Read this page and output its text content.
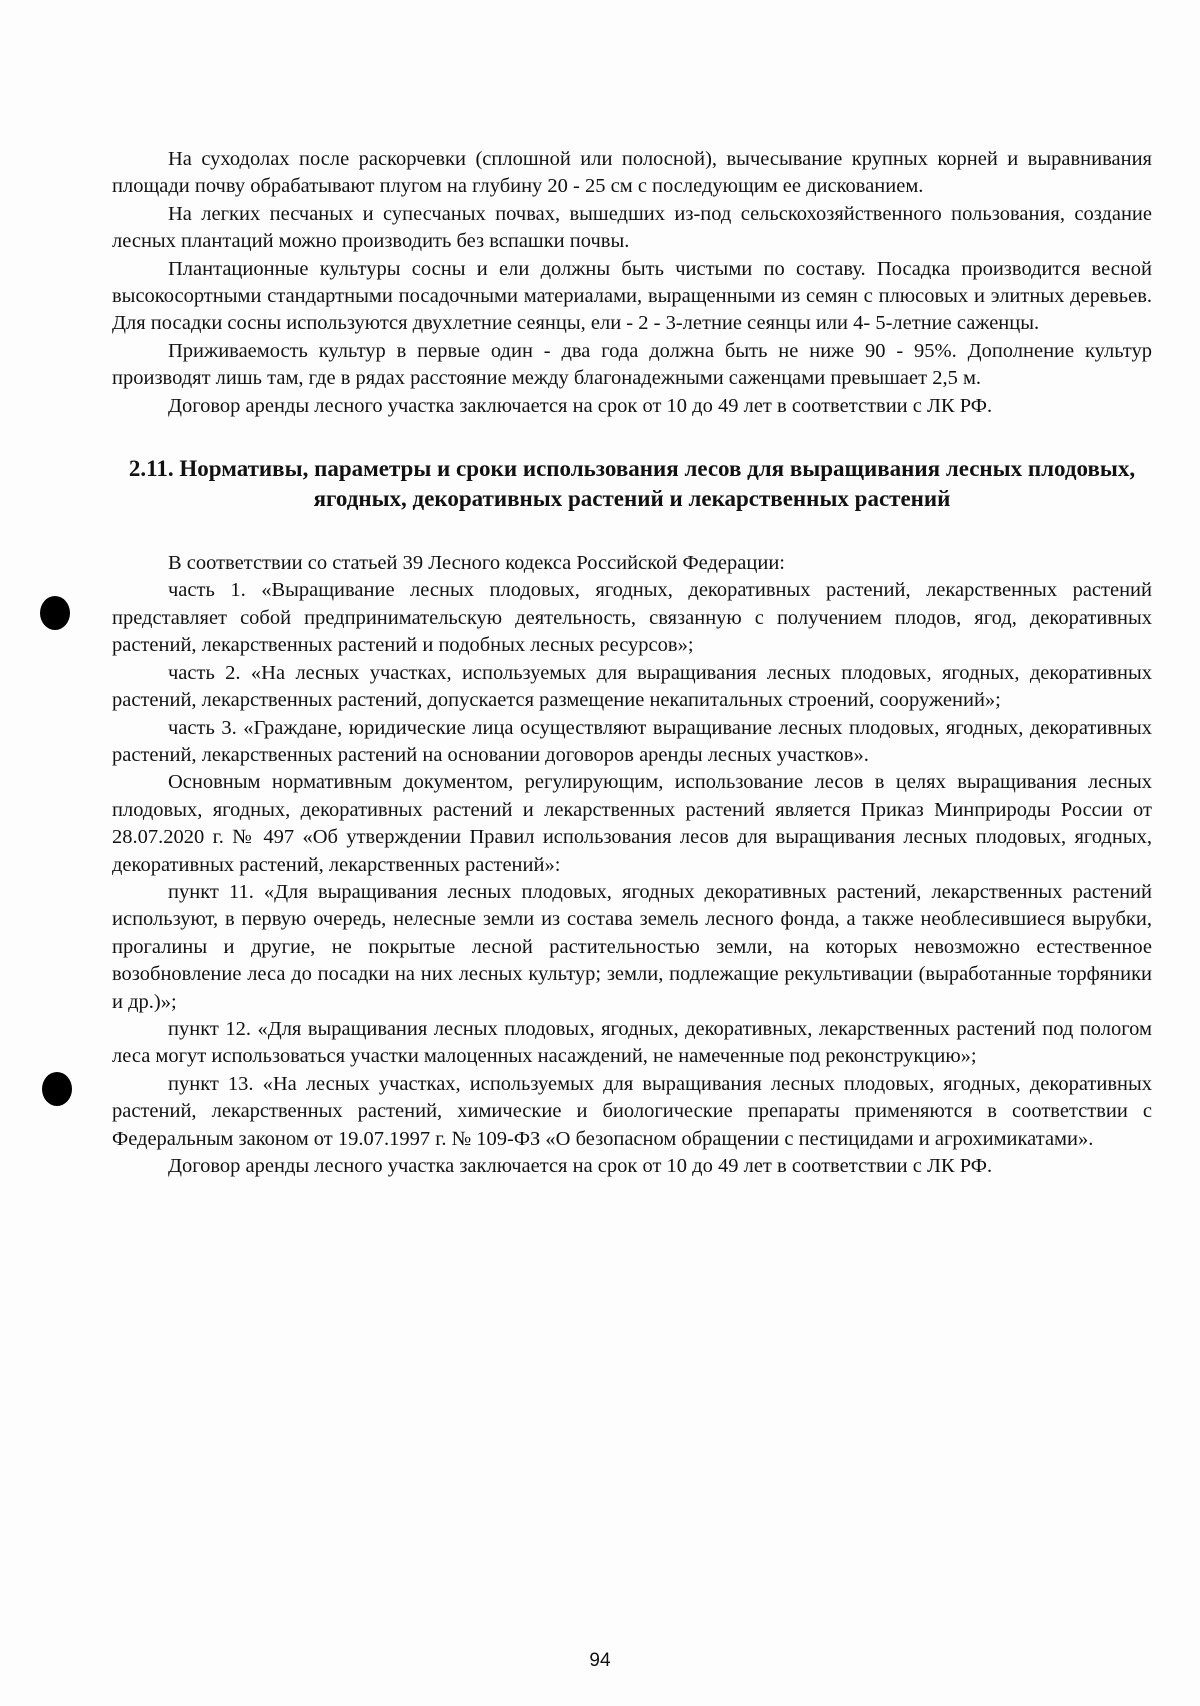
На суходолах после раскорчевки (сплошной или полосной), вычесывание крупных корней и выравнивания площади почву обрабатывают плугом на глубину 20 - 25 см с последующим ее дискованием.

На легких песчаных и супесчаных почвах, вышедших из-под сельскохозяйственного пользования, создание лесных плантаций можно производить без вспашки почвы.

Плантационные культуры сосны и ели должны быть чистыми по составу. Посадка производится весной высокосортными стандартными посадочными материалами, выращенными из семян с плюсовых и элитных деревьев. Для посадки сосны используются двухлетние сеянцы, ели - 2 - 3-летние сеянцы или 4- 5-летние саженцы.

Приживаемость культур в первые один - два года должна быть не ниже 90 - 95%. Дополнение культур производят лишь там, где в рядах расстояние между благонадежными саженцами превышает 2,5 м.

Договор аренды лесного участка заключается на срок от 10 до 49 лет в соответствии с ЛК РФ.

2.11. Нормативы, параметры и сроки использования лесов для выращивания лесных плодовых, ягодных, декоративных растений и лекарственных растений

В соответствии со статьей 39 Лесного кодекса Российской Федерации:

часть 1. «Выращивание лесных плодовых, ягодных, декоративных растений, лекарственных растений представляет собой предпринимательскую деятельность, связанную с получением плодов, ягод, декоративных растений, лекарственных растений и подобных лесных ресурсов»;

часть 2. «На лесных участках, используемых для выращивания лесных плодовых, ягодных, декоративных растений, лекарственных растений, допускается размещение некапитальных строений, сооружений»;

часть 3. «Граждане, юридические лица осуществляют выращивание лесных плодовых, ягодных, декоративных растений, лекарственных растений на основании договоров аренды лесных участков».

Основным нормативным документом, регулирующим, использование лесов в целях выращивания лесных плодовых, ягодных, декоративных растений и лекарственных растений является Приказ Минприроды России от 28.07.2020 г. № 497 «Об утверждении Правил использования лесов для выращивания лесных плодовых, ягодных, декоративных растений, лекарственных растений»:

пункт 11. «Для выращивания лесных плодовых, ягодных декоративных растений, лекарственных растений используют, в первую очередь, нелесные земли из состава земель лесного фонда, а также необлесившиеся вырубки, прогалины и другие, не покрытые лесной растительностью земли, на которых невозможно естественное возобновление леса до посадки на них лесных культур; земли, подлежащие рекультивации (выработанные торфяники и др.)»;

пункт 12. «Для выращивания лесных плодовых, ягодных, декоративных, лекарственных растений под пологом леса могут использоваться участки малоценных насаждений, не намеченные под реконструкцию»;

пункт 13. «На лесных участках, используемых для выращивания лесных плодовых, ягодных, декоративных растений, лекарственных растений, химические и биологические препараты применяются в соответствии с Федеральным законом от 19.07.1997 г. № 109-ФЗ «О безопасном обращении с пестицидами и агрохимикатами».

Договор аренды лесного участка заключается на срок от 10 до 49 лет в соответствии с ЛК РФ.

94
